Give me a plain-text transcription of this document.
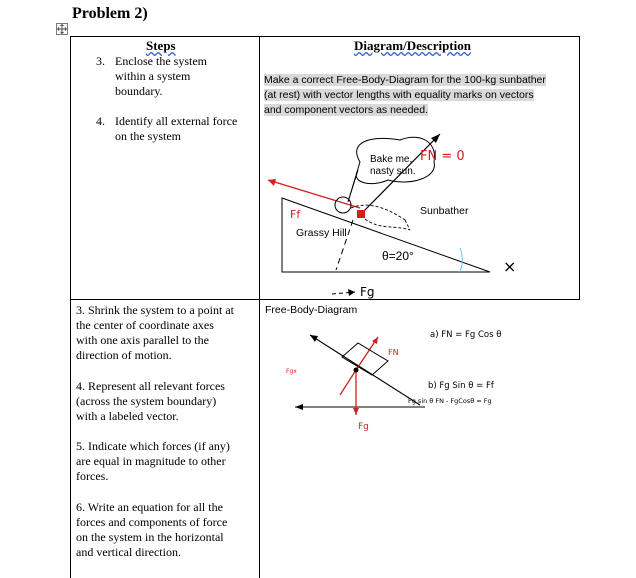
Problem 2)
Steps	Diagram/Description
3. Enclose the system
within a system
boundary.
4. Identify all external force
on the system
Make a correct Free-Body-Diagram for the 100-kg sunbather
(at rest) with vector lengths with equality marks on vectors
and component vectors as needed.
FN = 0
Bake me,
nasty sun.
Sunbather
Ff
Grassy Hill
θ=20°
Fg
×
3. Shrink the system to a point at
the center of coordinate axes
with one axis parallel to the
direction of motion.
4. Represent all relevant forces
(across the system boundary)
with a labeled vector.
5. Indicate which forces (if any)
are equal in magnitude to other
forces.
6. Write an equation for all the
forces and components of force
on the system in the horizontal
and vertical direction.
Free-Body-Diagram
FN
Fgx
Fg
a) FN = Fg Cos θ
b) Fg Sin θ = Ff
Fg sin θ FN - FgCosθ = Fg
